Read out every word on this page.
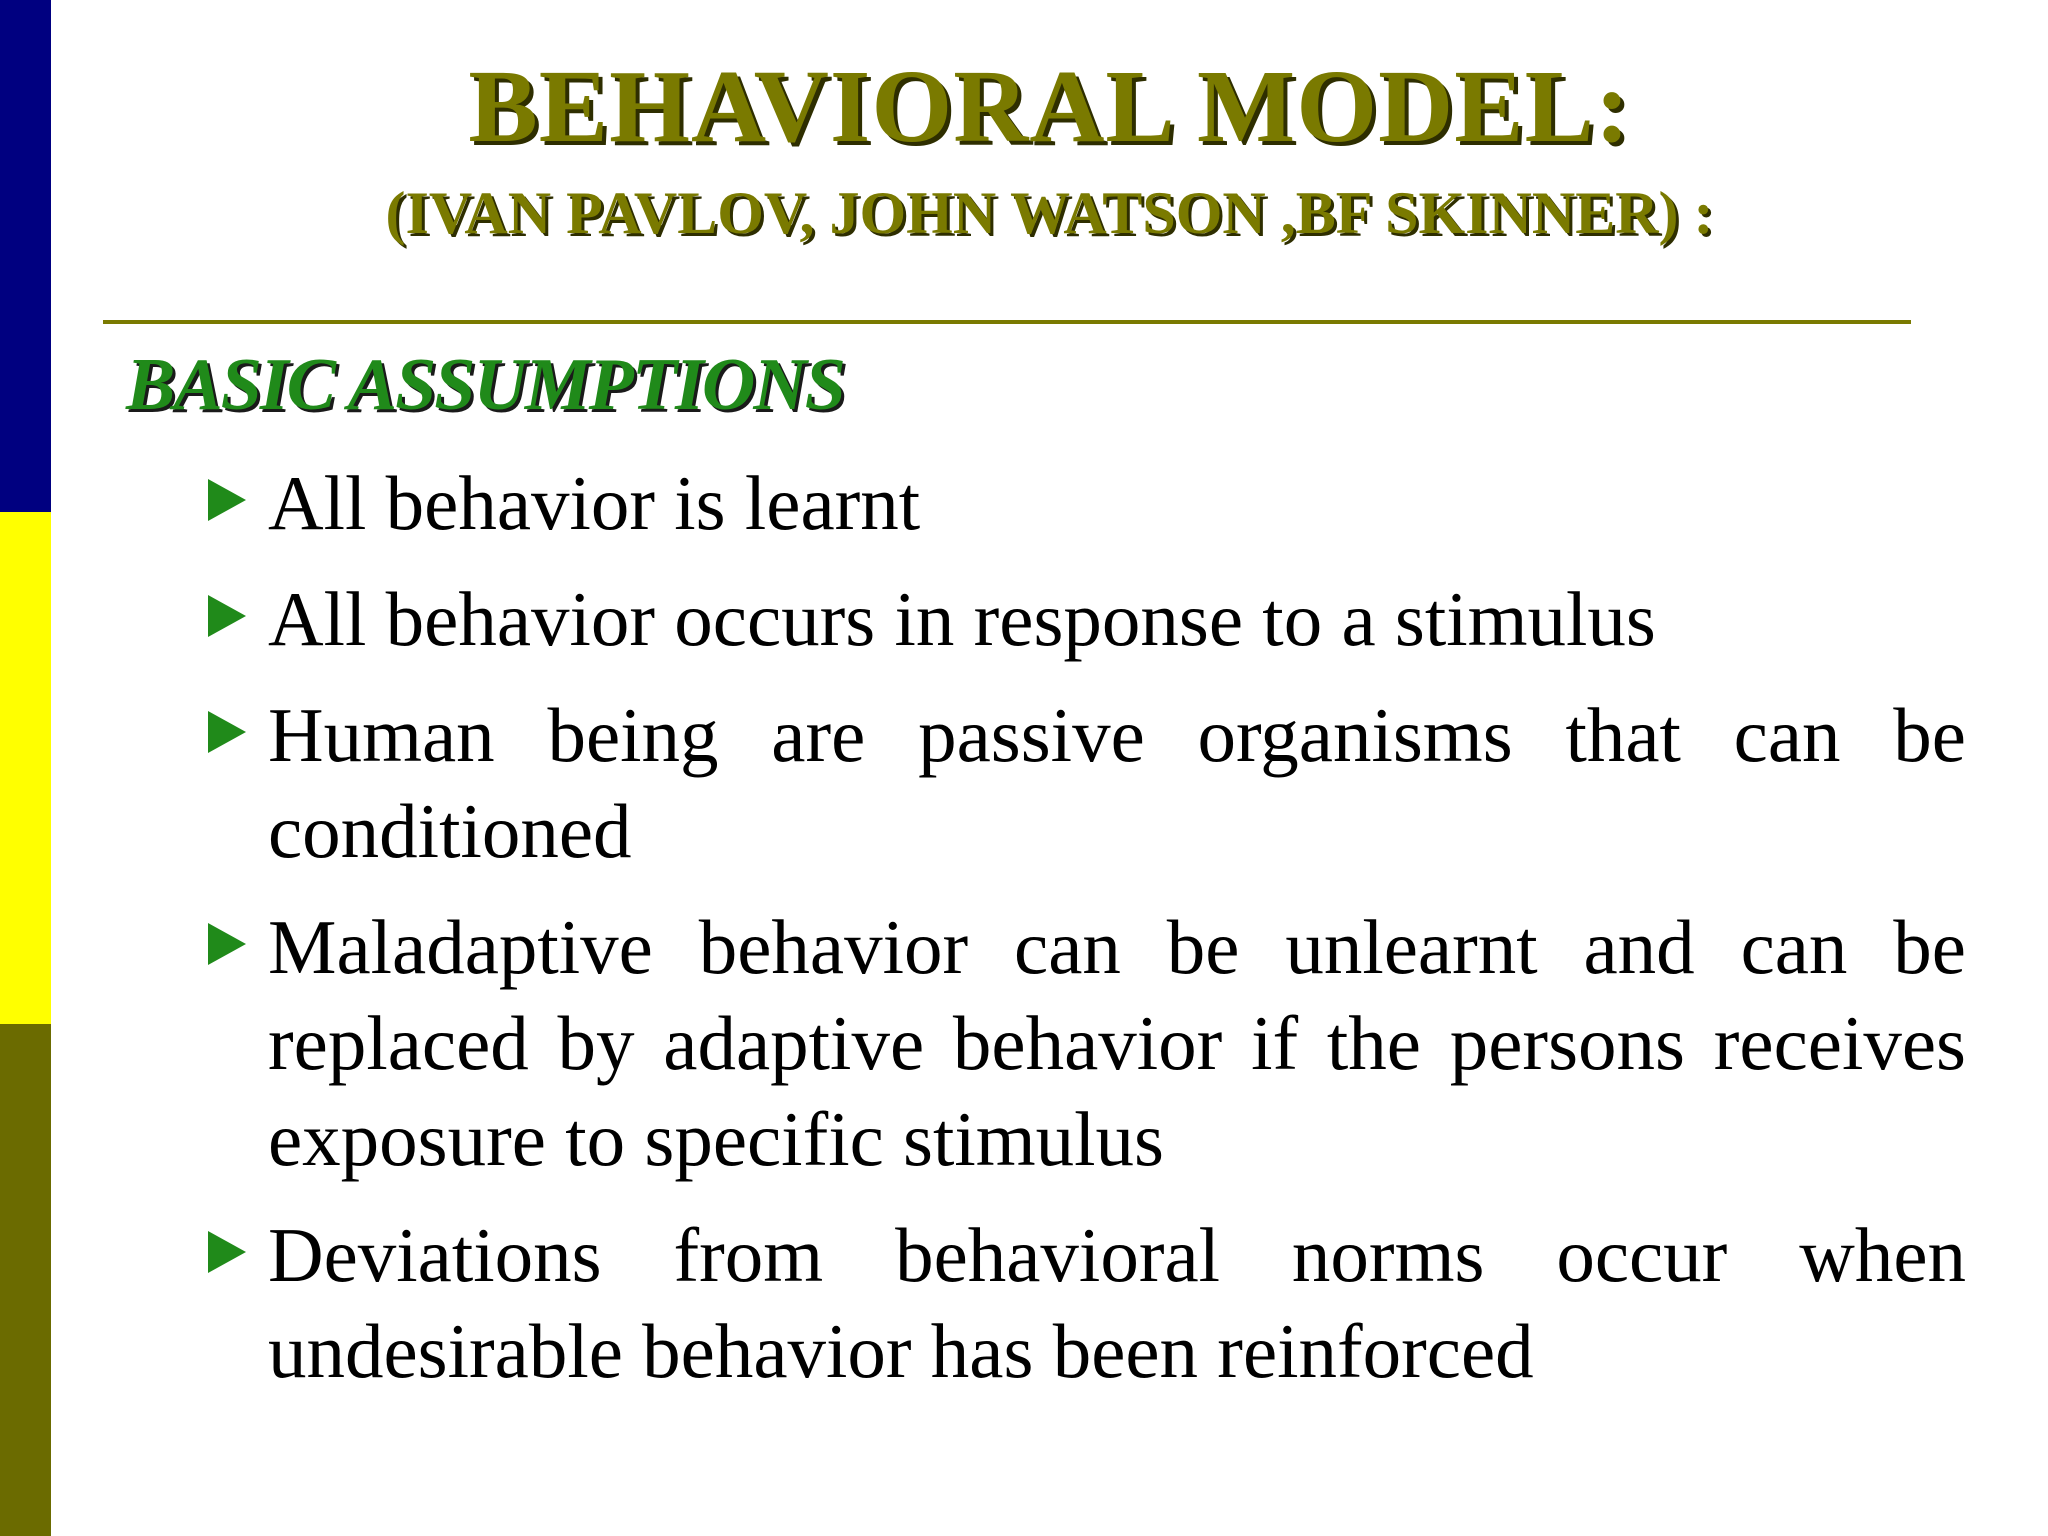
BEHAVIORAL MODEL:
(IVAN PAVLOV, JOHN WATSON ,BF SKINNER) :
BASIC ASSUMPTIONS
All behavior is learnt
All behavior occurs in response to a stimulus
Human being are passive organisms that can be conditioned
Maladaptive behavior can be unlearnt and can be replaced by adaptive behavior if the persons receives exposure to specific stimulus
Deviations from behavioral norms occur when undesirable behavior has been reinforced
